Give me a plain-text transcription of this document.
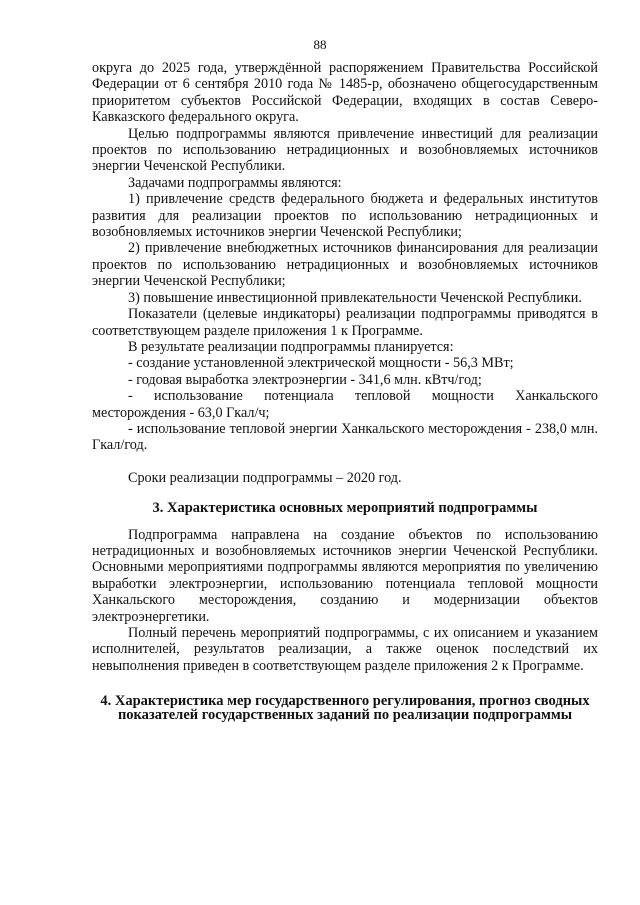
88

округа до 2025 года, утверждённой распоряжением Правительства Российской Федерации от 6 сентября 2010 года № 1485-р, обозначено общегосударственным приоритетом субъектов Российской Федерации, входящих в состав Северо-Кавказского федерального округа.

Целью подпрограммы являются привлечение инвестиций для реализации проектов по использованию нетрадиционных и возобновляемых источников энергии Чеченской Республики.

Задачами подпрограммы являются:

1) привлечение средств федерального бюджета и федеральных институтов развития для реализации проектов по использованию нетрадиционных и возобновляемых источников энергии Чеченской Республики;

2) привлечение внебюджетных источников финансирования для реализации проектов по использованию нетрадиционных и возобновляемых источников энергии Чеченской Республики;

3) повышение инвестиционной привлекательности Чеченской Республики.

Показатели (целевые индикаторы) реализации подпрограммы приводятся в соответствующем разделе приложения 1 к Программе.

В результате реализации подпрограммы планируется:

- создание установленной электрической мощности - 56,3 МВт;

- годовая выработка электроэнергии - 341,6 млн. кВтч/год;

- использование потенциала тепловой мощности Ханкальского месторождения - 63,0 Гкал/ч;

- использование тепловой энергии Ханкальского месторождения - 238,0 млн. Гкал/год.

Сроки реализации подпрограммы – 2020 год.

3. Характеристика основных мероприятий подпрограммы

Подпрограмма направлена на создание объектов по использованию нетрадиционных и возобновляемых источников энергии Чеченской Республики. Основными мероприятиями подпрограммы являются мероприятия по увеличению выработки электроэнергии, использованию потенциала тепловой мощности Ханкальского месторождения, созданию и модернизации объектов электроэнергетики.

Полный перечень мероприятий подпрограммы, с их описанием и указанием исполнителей, результатов реализации, а также оценок последствий их невыполнения приведен в соответствующем разделе приложения 2 к Программе.

4. Характеристика мер государственного регулирования, прогноз сводных показателей государственных заданий по реализации подпрограммы
